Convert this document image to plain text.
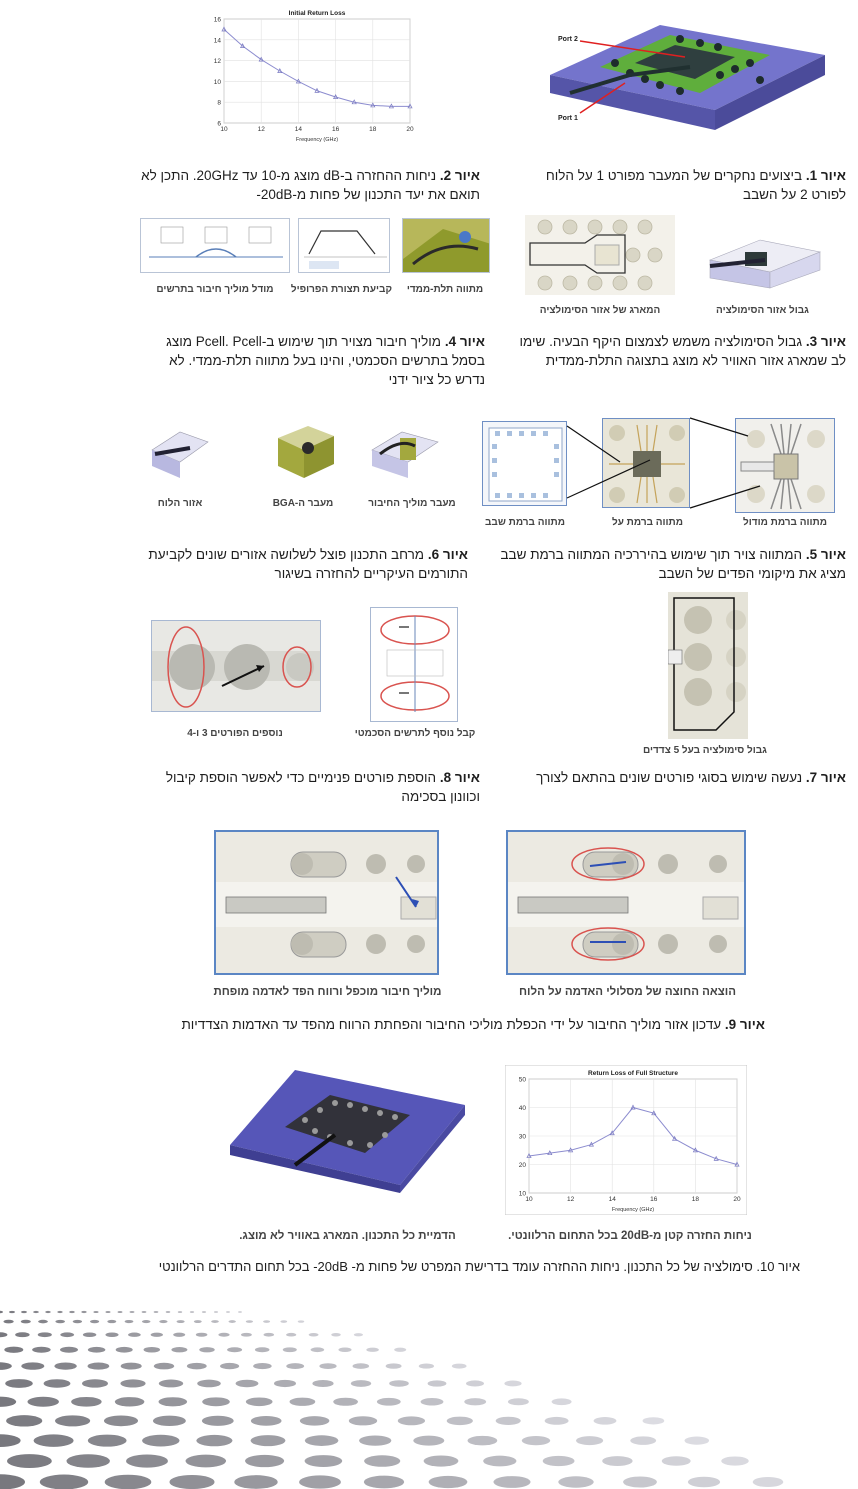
6
8
10
12
14
16
10	12	14	16	18	20
Initial Return Loss
Frequency (GHz)
Port 2
Port 1
איור 2. ניחות ההחזרה ב-dB מוצג מ-10 עד 20GHz. התכן לא תואם את יעד התכנון של פחות מ-20dB-
איור 1. ביצועים נחקרים של המעבר מפורט 1 על הלוח לפורט 2 על השבב
מודל מוליך חיבור בתרשים	קביעת תצורת הפרופיל	מתווה תלת-ממדי
המארג של אזור הסימולציה	גבול אזור הסימולציה
איור 4. מוליך חיבור מצויר תוך שימוש ב-Pcell. Pcell מוצג בסמל בתרשים הסכמטי, והינו בעל מתווה תלת-ממדי. לא נדרש כל ציור ידני
איור 3. גבול הסימולציה משמש לצמצום היקף הבעיה. שימו לב שמארג אזור האוויר לא מוצג בתצוגה התלת-ממדית
אזור הלוח	מעבר ה-BGA	מעבר מוליך החיבור
מתווה ברמת שבב	מתווה ברמת על	מתווה ברמת מודול
איור 6. מרחב התכנון פוצל לשלושה אזורים שונים לקביעת התורמים העיקריים להחזרה בשיגור
איור 5. המתווה צויר תוך שימוש בהיררכיה המתווה ברמת שבב מציג את מיקומי הפדים של השבב
נוספים הפורטים 3 ו-4	קבל נוסף לתרשים הסכמטי
גבול סימולציה בעל 5 צדדים
איור 8. הוספת פורטים פנימיים כדי לאפשר הוספת קיבול וכוונון בסכימה
איור 7. נעשה שימוש בסוגי פורטים שונים בהתאם לצורך
מוליך חיבור מוכפל ורווח הפד לאדמה מופחת	הוצאה החוצה של מסלולי האדמה על הלוח
איור 9. עדכון אזור מוליך החיבור על ידי הכפלת מוליכי החיבור והפחתת הרווח מהפד עד האדמות הצדדיות
10
20
30
40
50
10	12	14	16	18	20
Return Loss of Full Structure
Frequency (GHz)
הדמיית כל התכנון. המארג באוויר לא מוצג.	ניחות החזרה קטן מ-20dB בכל התחום הרלוונטי.
איור 10. סימולציה של כל התכנון. ניחות ההחזרה עומד בדרישת המפרט של פחות מ- 20dB- בכל תחום התדרים הרלוונטי
